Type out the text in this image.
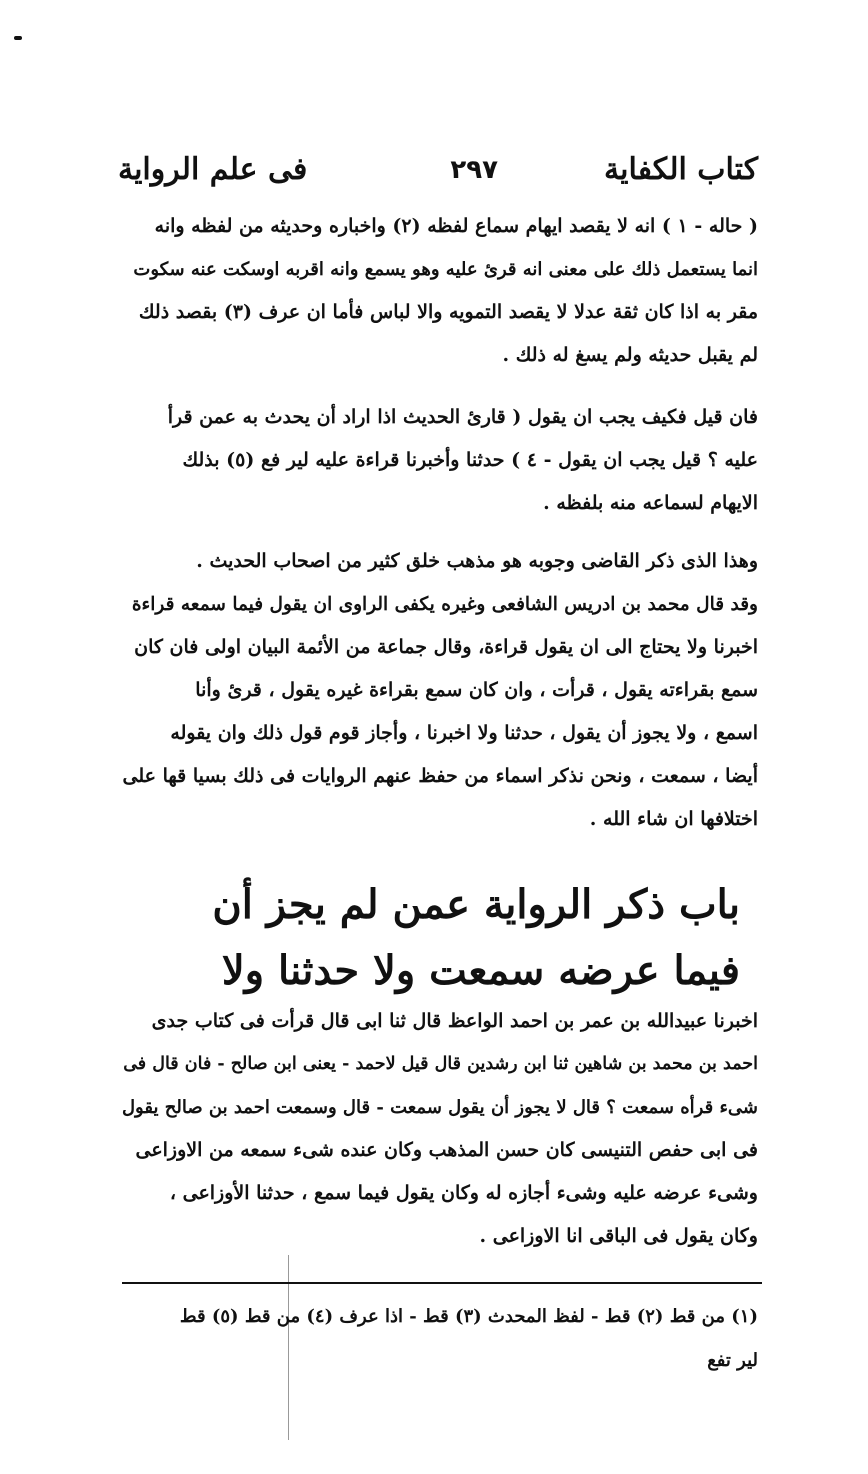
كتاب الكفاية
٢٩٧
فى علم الرواية
( حاله - ١ ) انه لا يقصد ايهام سماع لفظه (٢) واخباره وحديثه من لفظه وانه
انما يستعمل ذلك على معنى انه قرئ عليه وهو يسمع وانه اقربه اوسكت عنه سكوت
مقر به اذا كان ثقة عدلا لا يقصد التمويه والا لباس فأما ان عرف (٣) بقصد ذلك
لم يقبل حديثه ولم يسغ له ذلك .
فان قيل فكيف يجب ان يقول ( قارئ الحديث اذا اراد أن يحدث به عمن قرأ
عليه ؟ قيل يجب ان يقول - ٤ ) حدثنا وأخبرنا قراءة عليه لير فع (٥) بذلك
الايهام لسماعه منه بلفظه .
وهذا الذى ذكر القاضى وجوبه هو مذهب خلق كثير من اصحاب الحديث .
وقد قال محمد بن ادريس الشافعى وغيره يكفى الراوى ان يقول فيما سمعه قراءة
اخبرنا ولا يحتاج الى ان يقول قراءة، وقال جماعة من الأئمة البيان اولى فان كان
سمع بقراءته يقول ، قرأت ، وان كان سمع بقراءة غيره يقول ، قرئ وأنا
اسمع ، ولا يجوز أن يقول ، حدثنا ولا اخبرنا ، وأجاز قوم قول ذلك وان يقوله
أيضا ، سمعت ، ونحن نذكر اسماء من حفظ عنهم الروايات فى ذلك بسيا قها على
اختلافها ان شاء الله .
باب ذكر الرواية عمن لم يجز أن
فيما عرضه سمعت ولا حدثنا ولا
اخبرنا عبيدالله بن عمر بن احمد الواعظ قال ثنا ابى قال قرأت فى كتاب جدى
احمد بن محمد بن شاهين ثنا ابن رشدين قال قيل لاحمد - يعنى ابن صالح - فان قال فى
شىء قرأه سمعت ؟ قال لا يجوز أن يقول سمعت - قال وسمعت احمد بن صالح يقول
فى ابى حفص التنيسى كان حسن المذهب وكان عنده شىء سمعه من الاوزاعى
وشىء عرضه عليه وشىء أجازه له وكان يقول فيما سمع ، حدثنا الأوزاعى ،
وكان يقول فى الباقى انا الاوزاعى .
(١) من قط (٢) قط - لفظ المحدث (٣) قط - اذا عرف (٤) من قط (٥) قط
لير تفع
